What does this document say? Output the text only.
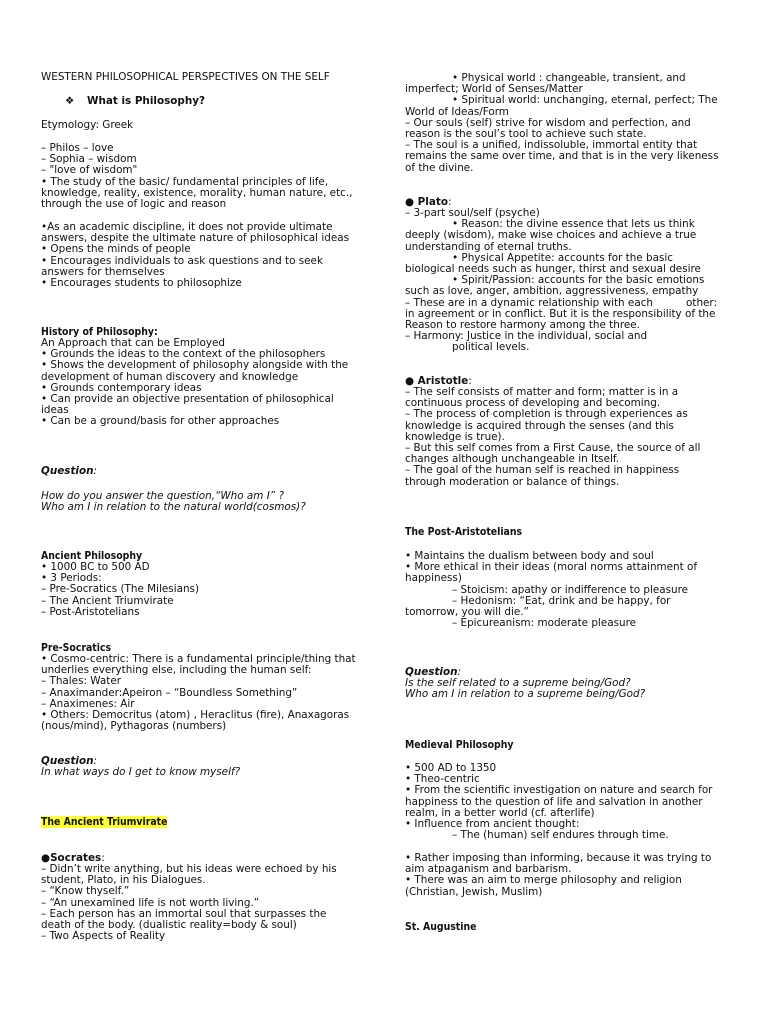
WESTERN PHILOSOPHICAL PERSPECTIVES ON THE SELF
❖ What is Philosophy?
Etymology: Greek
– Philos – love
– Sophia – wisdom
– "love of wisdom"
• The study of the basic/ fundamental principles of life,
knowledge, reality, existence, morality, human nature, etc.,
through the use of logic and reason
•As an academic discipline, it does not provide ultimate
answers, despite the ultimate nature of philosophical ideas
• Opens the minds of people
• Encourages individuals to ask questions and to seek
answers for themselves
• Encourages students to philosophize
History of Philosophy:
An Approach that can be Employed
• Grounds the ideas to the context of the philosophers
• Shows the development of philosophy alongside with the
development of human discovery and knowledge
• Grounds contemporary ideas
• Can provide an objective presentation of philosophical
ideas
• Can be a ground/basis for other approaches
Question:
How do you answer the question,“Who am I” ?
Who am I in relation to the natural world(cosmos)?
Ancient Philosophy
• 1000 BC to 500 AD
• 3 Periods:
– Pre-Socratics (The Milesians)
– The Ancient Triumvirate
– Post-Aristotelians
Pre-Socratics
• Cosmo-centric: There is a fundamental principle/thing that
underlies everything else, including the human self:
– Thales: Water
– Anaximander:Apeiron – “Boundless Something”
– Anaximenes: Air
• Others: Democritus (atom) , Heraclitus (fire), Anaxagoras
(nous/mind), Pythagoras (numbers)
Question:
In what ways do I get to know myself?
The Ancient Triumvirate
●Socrates:
– Didn’t write anything, but his ideas were echoed by his
student, Plato, in his Dialogues.
– “Know thyself.”
– “An unexamined life is not worth living.”
– Each person has an immortal soul that surpasses the
death of the body. (dualistic reality=body & soul)
– Two Aspects of Reality
• Physical world : changeable, transient, and
imperfect; World of Senses/Matter
• Spiritual world: unchanging, eternal, perfect; The
World of Ideas/Form
– Our souls (self) strive for wisdom and perfection, and
reason is the soul’s tool to achieve such state.
– The soul is a unified, indissoluble, immortal entity that
remains the same over time, and that is in the very likeness
of the divine.
● Plato:
– 3-part soul/self (psyche)
• Reason: the divine essence that lets us think
deeply (wisdom), make wise choices and achieve a true
understanding of eternal truths.
• Physical Appetite: accounts for the basic
biological needs such as hunger, thirst and sexual desire
• Spirit/Passion: accounts for the basic emotions
such as love, anger, ambition, aggressiveness, empathy
– These are in a dynamic relationship with each          other:
in agreement or in conflict. But it is the responsibility of the
Reason to restore harmony among the three.
– Harmony: Justice in the individual, social and
political levels.
● Aristotle:
– The self consists of matter and form; matter is in a
continuous process of developing and becoming.
– The process of completion is through experiences as
knowledge is acquired through the senses (and this
knowledge is true).
– But this self comes from a First Cause, the source of all
changes although unchangeable in Itself.
– The goal of the human self is reached in happiness
through moderation or balance of things.
The Post-Aristotelians
• Maintains the dualism between body and soul
• More ethical in their ideas (moral norms attainment of
happiness)
– Stoicism: apathy or indifference to pleasure
– Hedonism: “Eat, drink and be happy, for
tomorrow, you will die.”
– Epicureanism: moderate pleasure
Question:
Is the self related to a supreme being/God?
Who am I in relation to a supreme being/God?
Medieval Philosophy
• 500 AD to 1350
• Theo-centric
• From the scientific investigation on nature and search for
happiness to the question of life and salvation in another
realm, in a better world (cf. afterlife)
• Influence from ancient thought:
– The (human) self endures through time.
• Rather imposing than informing, because it was trying to
aim atpaganism and barbarism.
• There was an aim to merge philosophy and religion
(Christian, Jewish, Muslim)
St. Augustine
